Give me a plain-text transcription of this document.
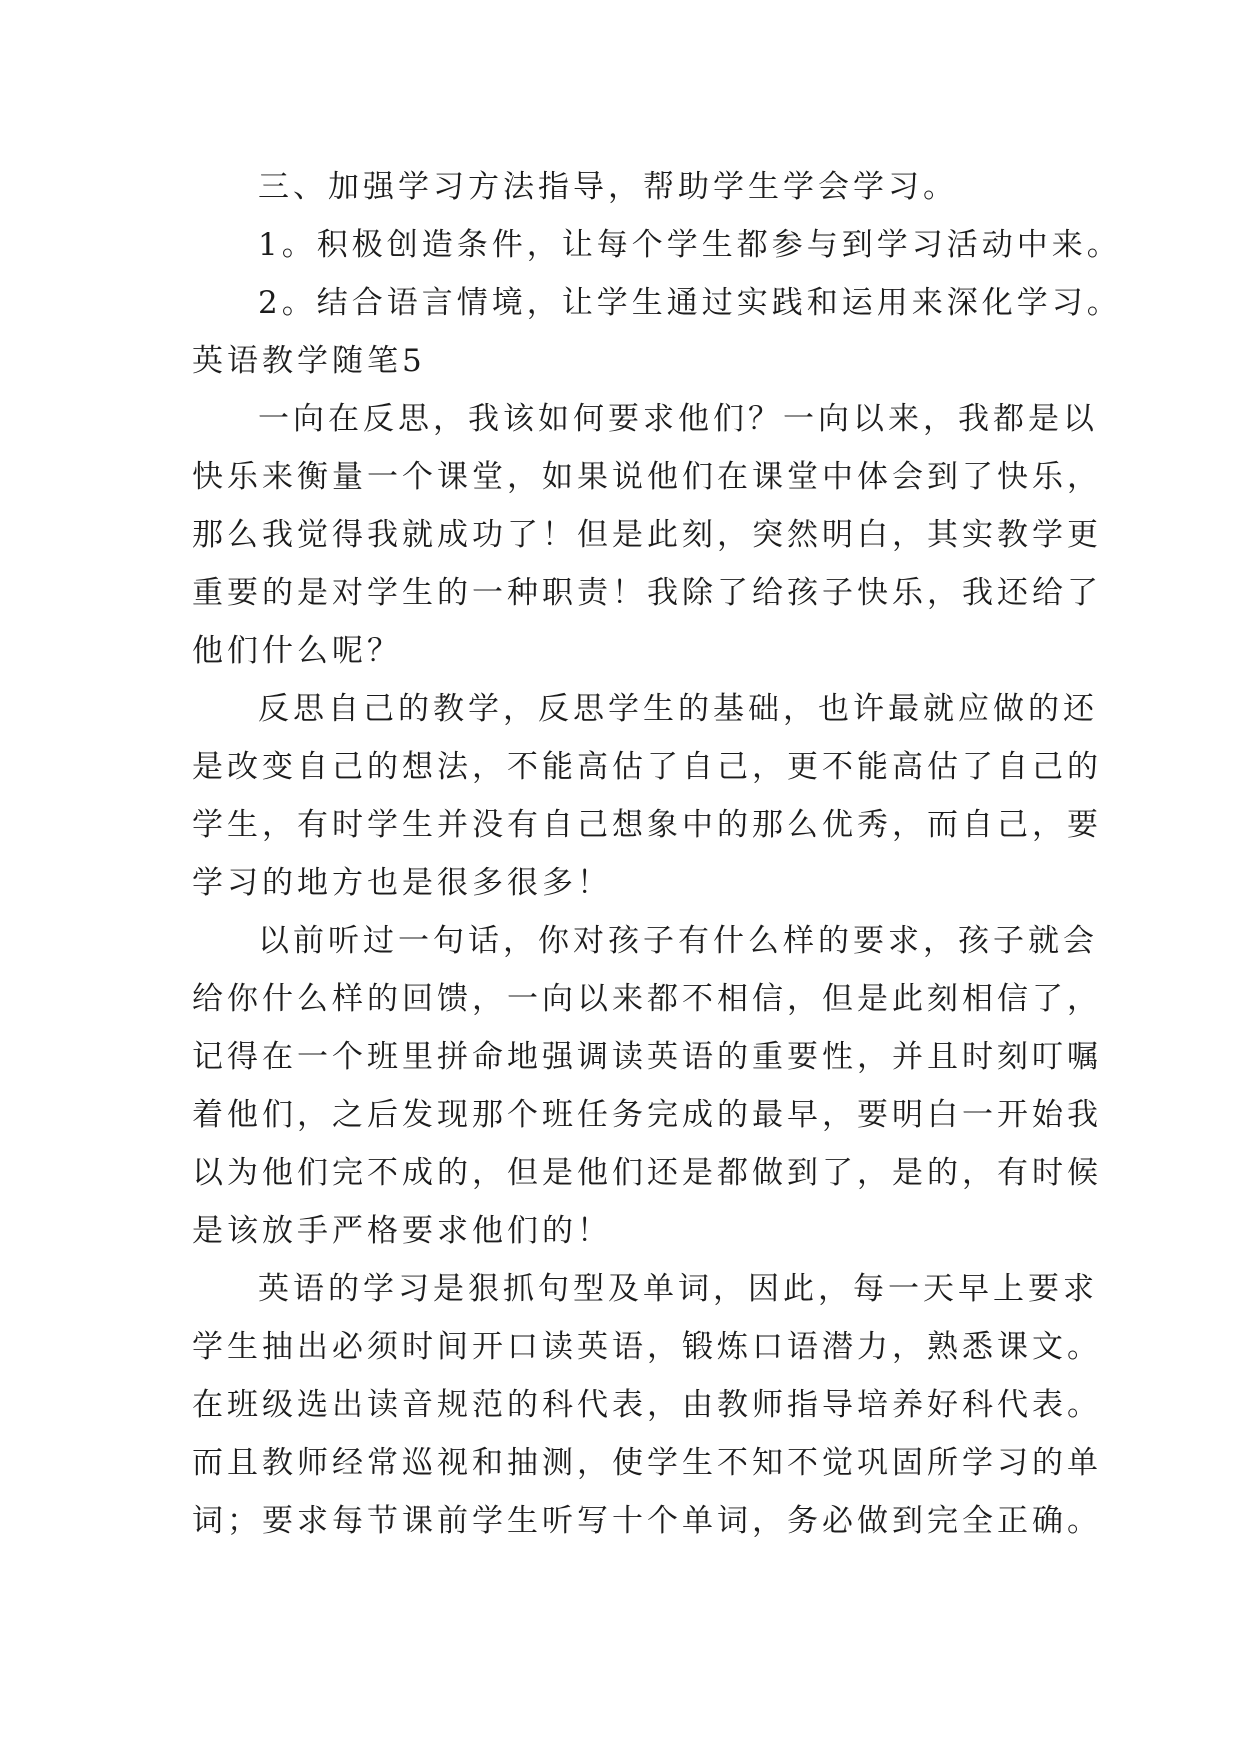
三、加强学习方法指导，帮助学生学会学习。
1。积极创造条件，让每个学生都参与到学习活动中来。
2。结合语言情境，让学生通过实践和运用来深化学习。
英语教学随笔5
一向在反思，我该如何要求他们？一向以来，我都是以
快乐来衡量一个课堂，如果说他们在课堂中体会到了快乐，
那么我觉得我就成功了！但是此刻，突然明白，其实教学更
重要的是对学生的一种职责！我除了给孩子快乐，我还给了
他们什么呢？
反思自己的教学，反思学生的基础，也许最就应做的还
是改变自己的想法，不能高估了自己，更不能高估了自己的
学生，有时学生并没有自己想象中的那么优秀，而自己，要
学习的地方也是很多很多！
以前听过一句话，你对孩子有什么样的要求，孩子就会
给你什么样的回馈，一向以来都不相信，但是此刻相信了，
记得在一个班里拼命地强调读英语的重要性，并且时刻叮嘱
着他们，之后发现那个班任务完成的最早，要明白一开始我
以为他们完不成的，但是他们还是都做到了，是的，有时候
是该放手严格要求他们的！
英语的学习是狠抓句型及单词，因此，每一天早上要求
学生抽出必须时间开口读英语，锻炼口语潜力，熟悉课文。
在班级选出读音规范的科代表，由教师指导培养好科代表。
而且教师经常巡视和抽测，使学生不知不觉巩固所学习的单
词；要求每节课前学生听写十个单词，务必做到完全正确。
